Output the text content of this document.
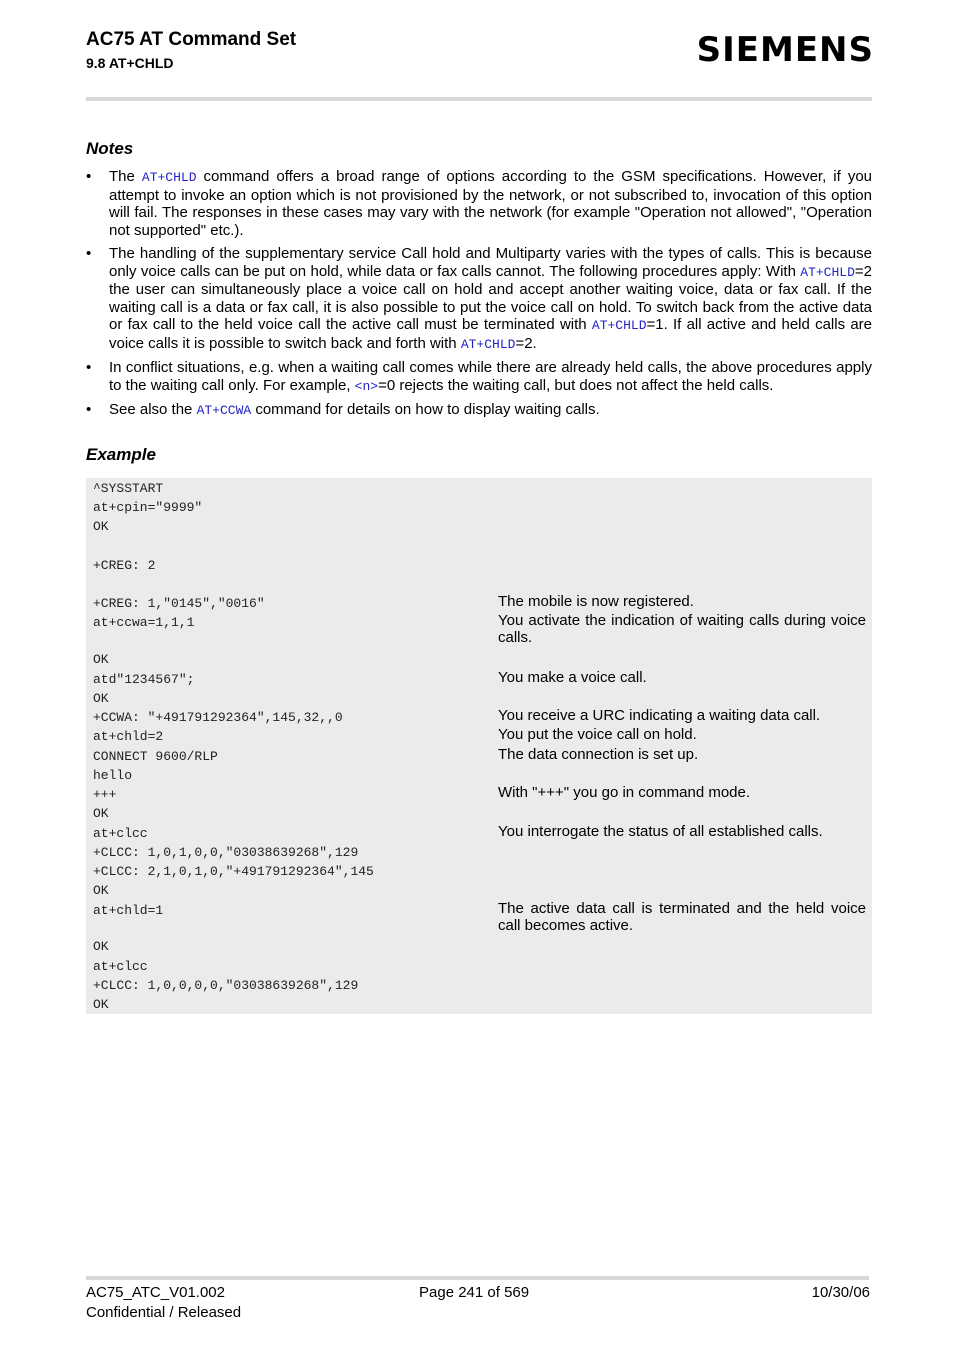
AC75 AT Command Set
9.8 AT+CHLD	SIEMENS
Notes
• The AT+CHLD command offers a broad range of options according to the GSM specifications. However, if you attempt to invoke an option which is not provisioned by the network, or not subscribed to, invocation of this option will fail. The responses in these cases may vary with the network (for example "Operation not allowed", "Operation not supported" etc.).
• The handling of the supplementary service Call hold and Multiparty varies with the types of calls. This is because only voice calls can be put on hold, while data or fax calls cannot. The following procedures apply: With AT+CHLD=2 the user can simultaneously place a voice call on hold and accept another waiting voice, data or fax call. If the waiting call is a data or fax call, it is also possible to put the voice call on hold. To switch back from the active data or fax call to the held voice call the active call must be terminated with AT+CHLD=1. If all active and held calls are voice calls it is possible to switch back and forth with AT+CHLD=2.
• In conflict situations, e.g. when a waiting call comes while there are already held calls, the above procedures apply to the waiting call only. For example, <n>=0 rejects the waiting call, but does not affect the held calls.
• See also the AT+CCWA command for details on how to display waiting calls.
Example
^SYSSTART
at+cpin="9999"
OK
+CREG: 2
+CREG: 1,"0145","0016"
at+ccwa=1,1,1
OK
atd"1234567";
OK
+CCWA: "+491791292364",145,32,,0
at+chld=2
CONNECT 9600/RLP
hello
+++
OK
at+clcc
+CLCC: 1,0,1,0,0,"03038639268",129
+CLCC: 2,1,0,1,0,"+491791292364",145
OK
at+chld=1
OK
at+clcc
+CLCC: 1,0,0,0,0,"03038639268",129
OK
The mobile is now registered.
You activate the indication of waiting calls during voice calls.
You make a voice call.
You receive a URC indicating a waiting data call.
You put the voice call on hold.
The data connection is set up.
With "+++" you go in command mode.
You interrogate the status of all established calls.
The active data call is terminated and the held voice call becomes active.
AC75_ATC_V01.002
Confidential / Released
Page 241 of 569	10/30/06
